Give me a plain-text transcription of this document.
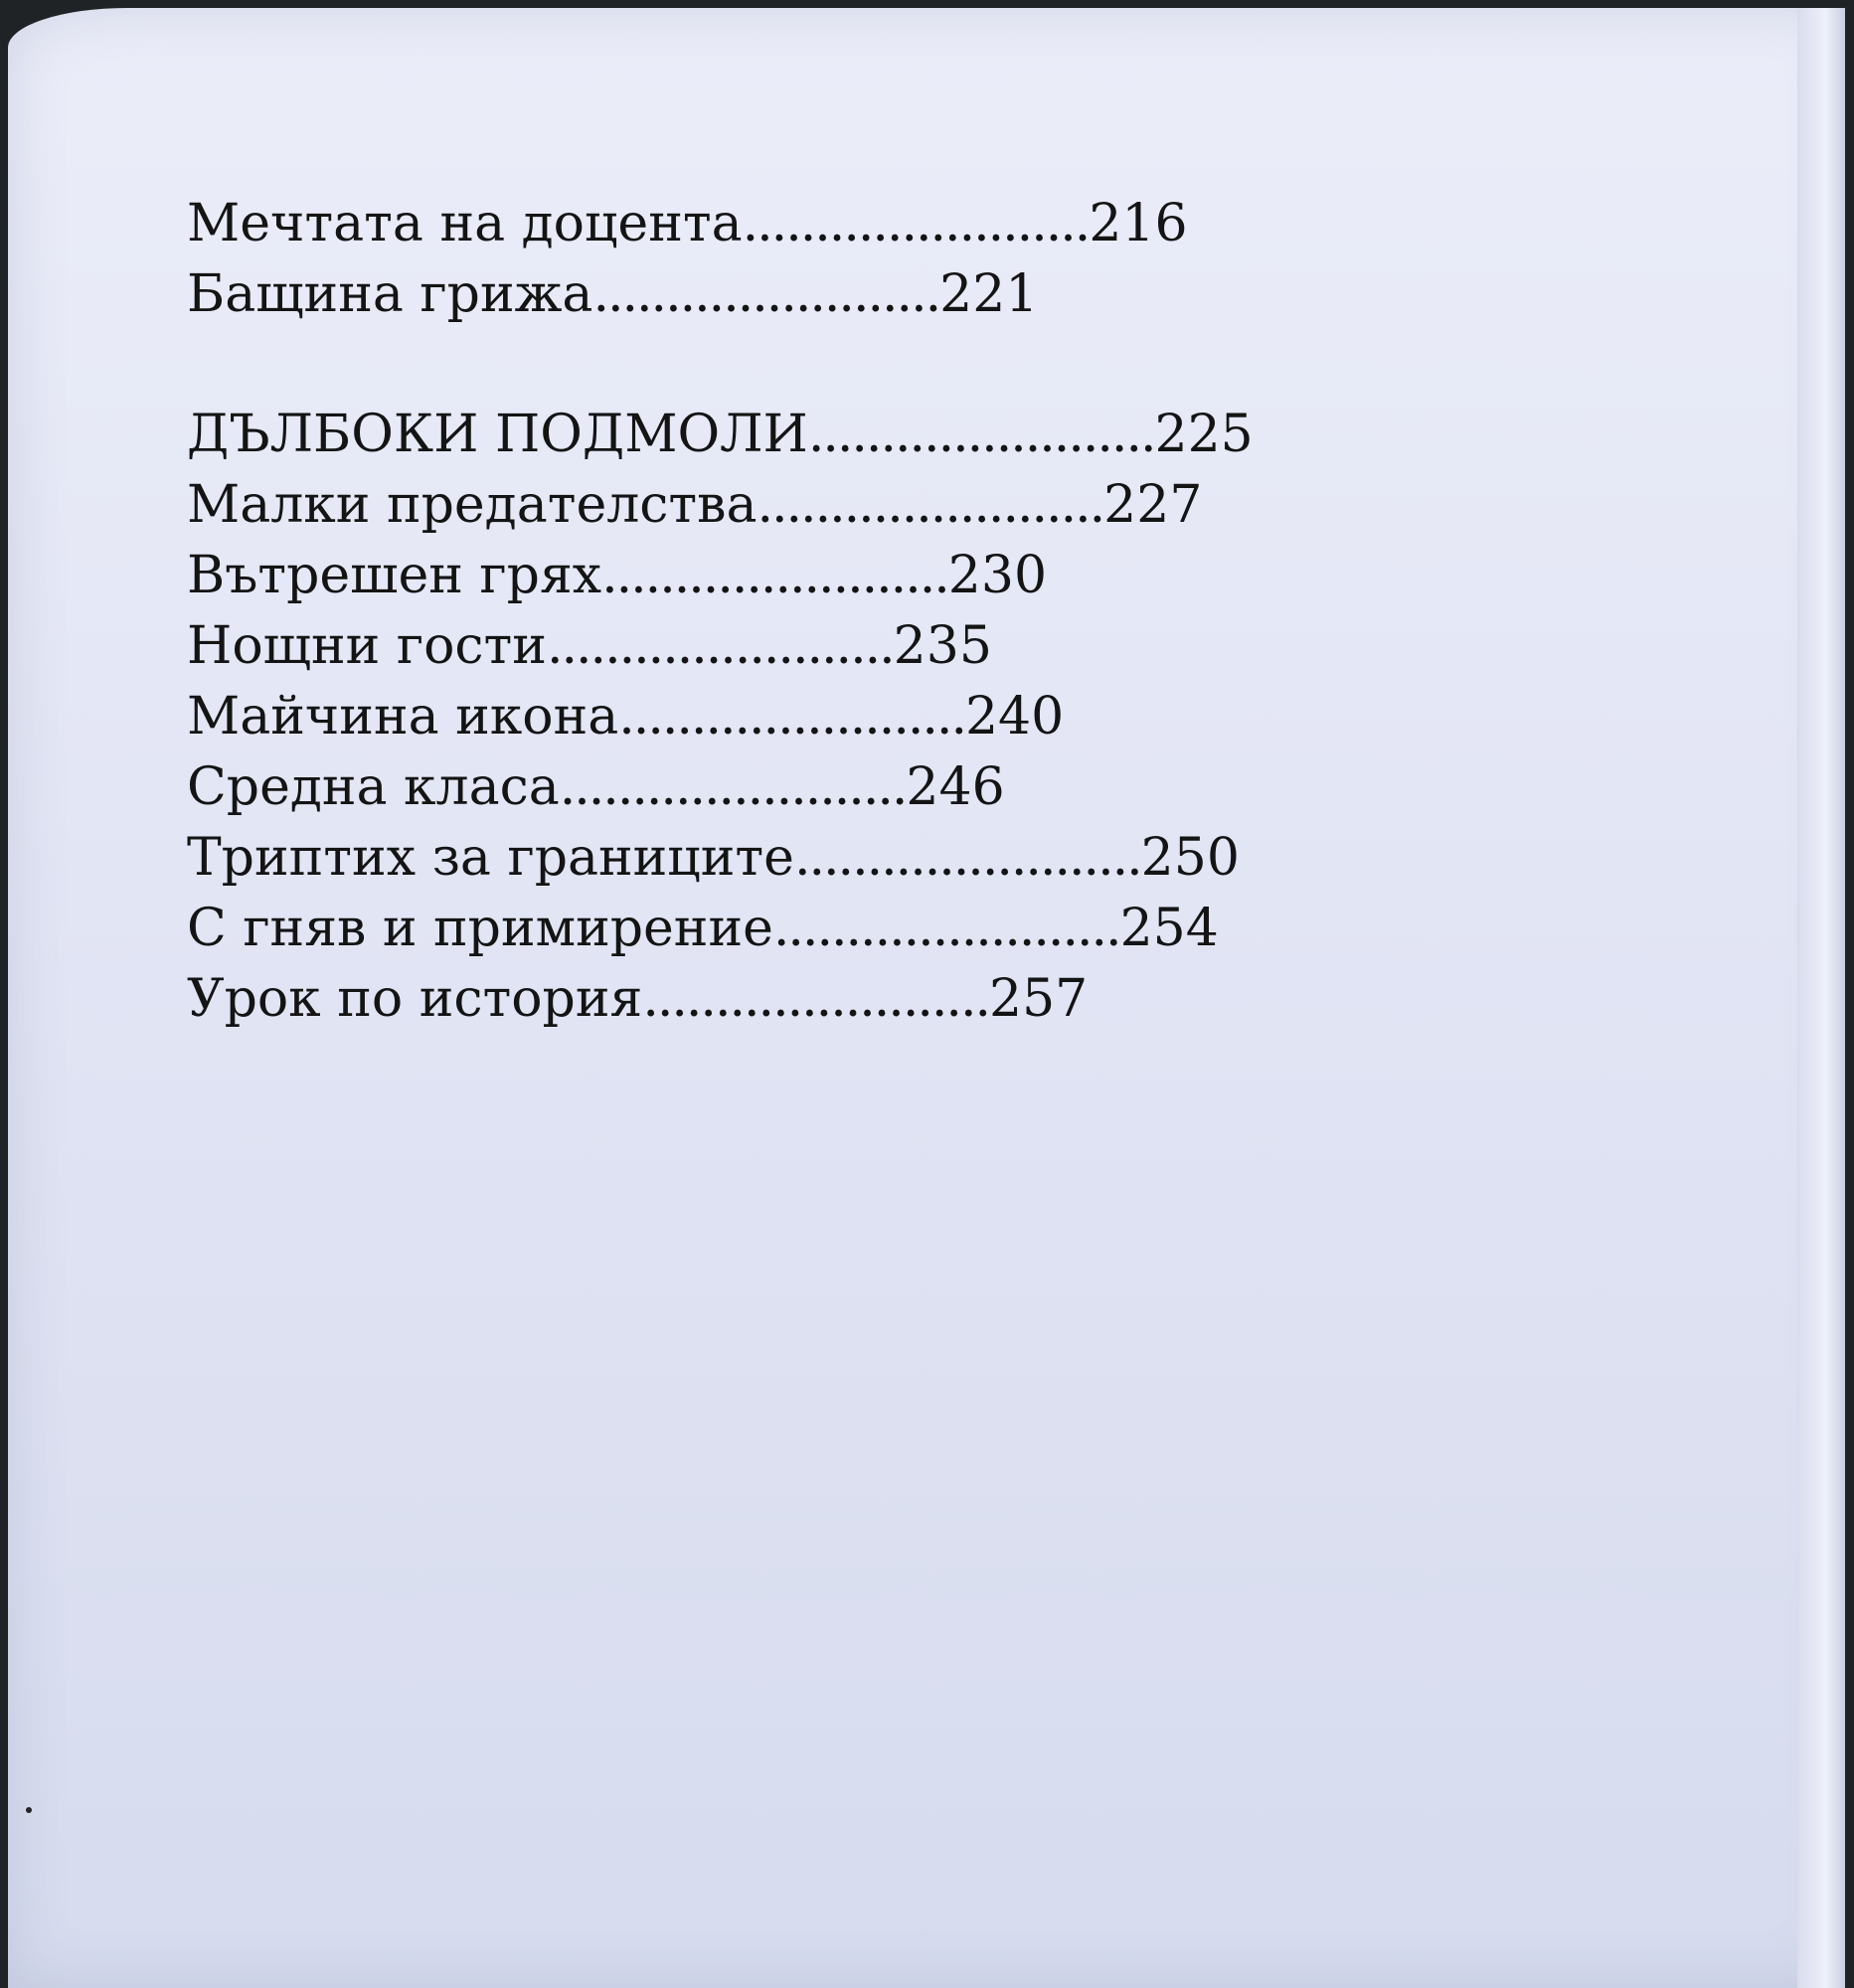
Мечтата на доцента........................216
Бащина грижа........................221
ДЪЛБОКИ ПОДМОЛИ........................225
Малки предателства........................227
Вътрешен грях........................230
Нощни гости........................235
Майчина икона........................240
Средна класа........................246
Триптих за границите........................250
С гняв и примирение........................254
Урок по история........................257
